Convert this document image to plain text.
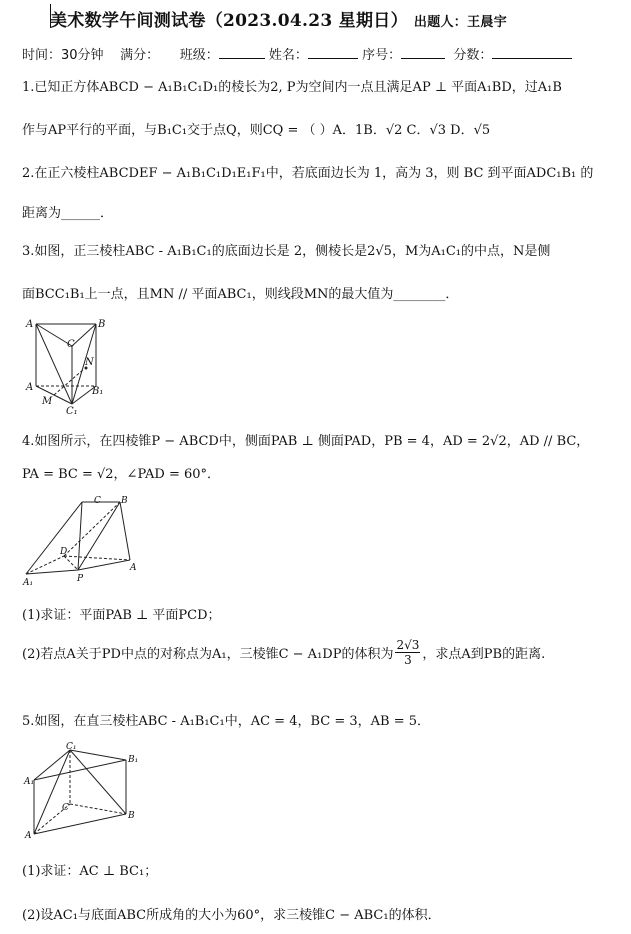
美术数学午间测试卷（2023.04.23 星期日） 出题人：王晨宇
时间：30分钟 满分： 班级：	姓名：	序号：	分数：
1.已知正方体ABCD − A₁B₁C₁D₁的棱长为2, P为空间内一点且满足AP ⊥ 平面A₁BD，过A₁B
作与AP平行的平面，与B₁C₁交于点Q，则CQ = （ ）A．1B．√2 C．√3 D．√5
2.在正六棱柱ABCDEF − A₁B₁C₁D₁E₁F₁中，若底面边长为 1，高为 3，则 BC 到平面ADC₁B₁ 的
距离为______．
3.如图，正三棱柱ABC - A₁B₁C₁的底面边长是 2，侧棱长是2√5，M为A₁C₁的中点，N是侧
面BCC₁B₁上一点，且MN // 平面ABC₁，则线段MN的最大值为________．
A	B
C
N
A
M
B₁
C₁
4.如图所示，在四棱锥P − ABCD中，侧面PAB ⊥ 侧面PAD，PB = 4，AD = 2√2，AD // BC，
PA = BC = √2，∠PAD = 60°．
B
C
D
A
A₁	P
(1)求证：平面PAB ⊥ 平面PCD；
(2)若点A关于PD中点的对称点为A₁，三棱锥C − A₁DP的体积为 $\frac{2√3}{3}$ ，求点A到PB的距离.
5.如图，在直三棱柱ABC - A₁B₁C₁中，AC = 4，BC = 3，AB = 5．
C₁
B₁
A₁
C
B
A
(1)求证：AC ⊥ BC₁；
(2)设AC₁与底面ABC所成角的大小为60°，求三棱锥C − ABC₁的体积．
